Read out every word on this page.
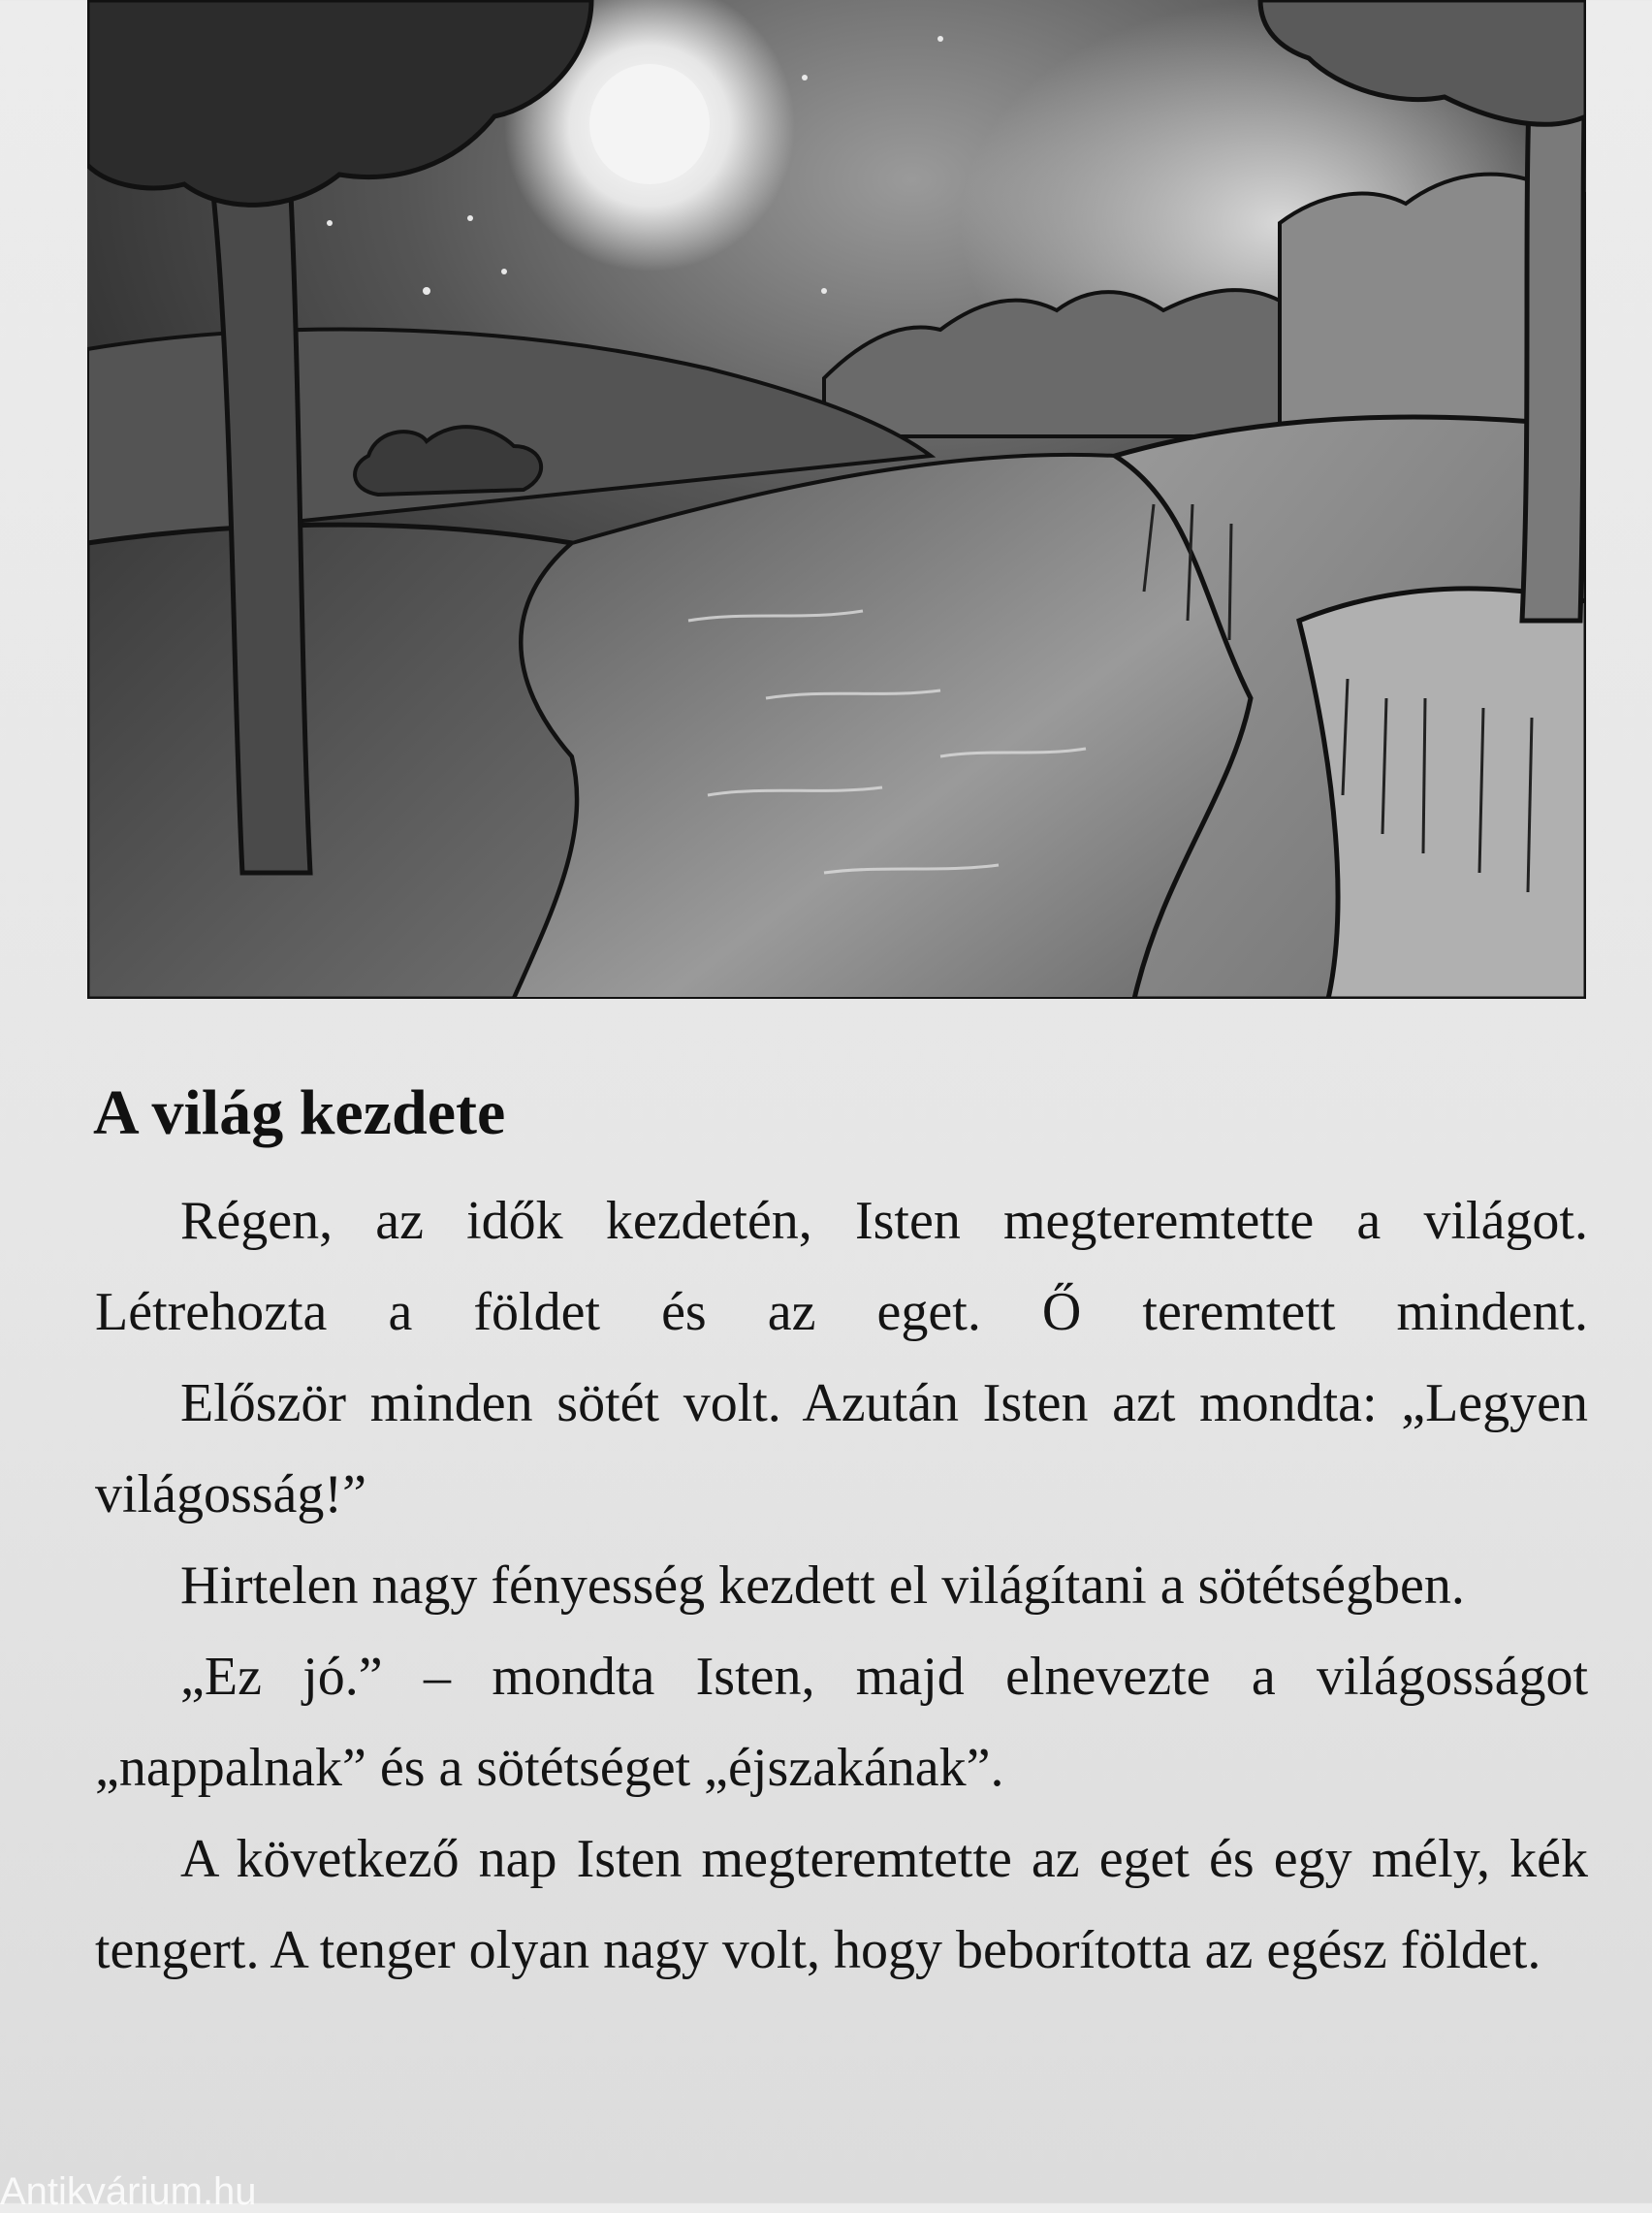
A világ kezdete

Régen, az idők kezdetén, Isten megteremtette a világot. Létrehozta a földet és az eget. Ő teremtett mindent.

Először minden sötét volt. Azután Isten azt mondta: „Legyen világosság!”

Hirtelen nagy fényesség kezdett el világítani a sötétségben.

„Ez jó.” – mondta Isten, majd elnevezte a világosságot „nappalnak” és a sötétséget „éjszakának”.

A következő nap Isten megteremtette az eget és egy mély, kék tengert. A tenger olyan nagy volt, hogy beborította az egész földet.

Antikvárium.hu
